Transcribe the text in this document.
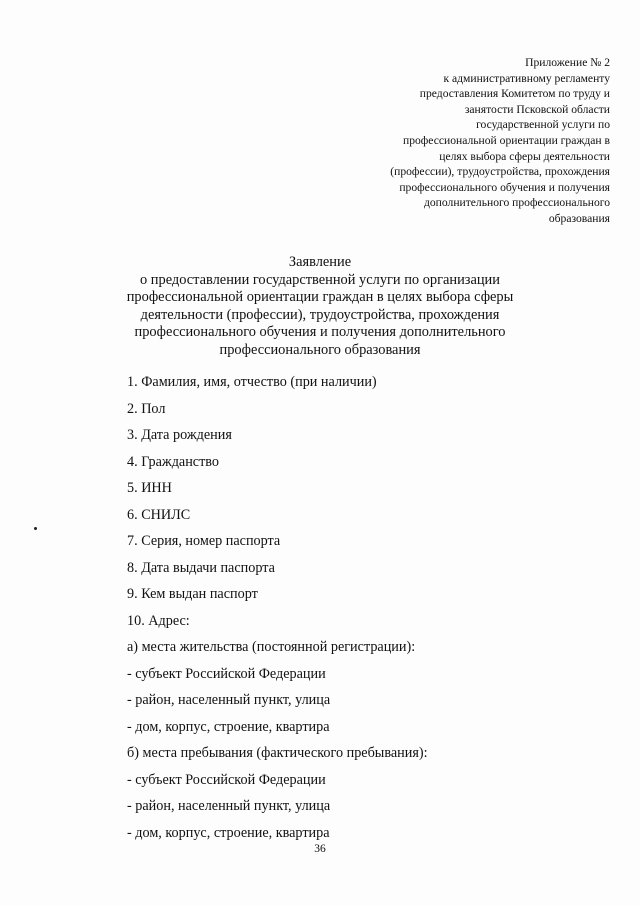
Приложение № 2
к административному регламенту
предоставления Комитетом по труду и
занятости Псковской области
государственной услуги по
профессиональной ориентации граждан в
целях выбора сферы деятельности
(профессии), трудоустройства, прохождения
профессионального обучения и получения
дополнительного профессионального
образования
Заявление
о предоставлении государственной услуги по организации
профессиональной ориентации граждан в целях выбора сферы
деятельности (профессии), трудоустройства, прохождения
профессионального обучения и получения дополнительного
профессионального образования
1. Фамилия, имя, отчество (при наличии)
2. Пол
3. Дата рождения
4. Гражданство
5. ИНН
6. СНИЛС
7. Серия, номер паспорта
8. Дата выдачи паспорта
9. Кем выдан паспорт
10. Адрес:
а) места жительства (постоянной регистрации):
- субъект Российской Федерации
- район, населенный пункт, улица
- дом, корпус, строение, квартира
б) места пребывания (фактического пребывания):
- субъект Российской Федерации
- район, населенный пункт, улица
- дом, корпус, строение, квартира
36
